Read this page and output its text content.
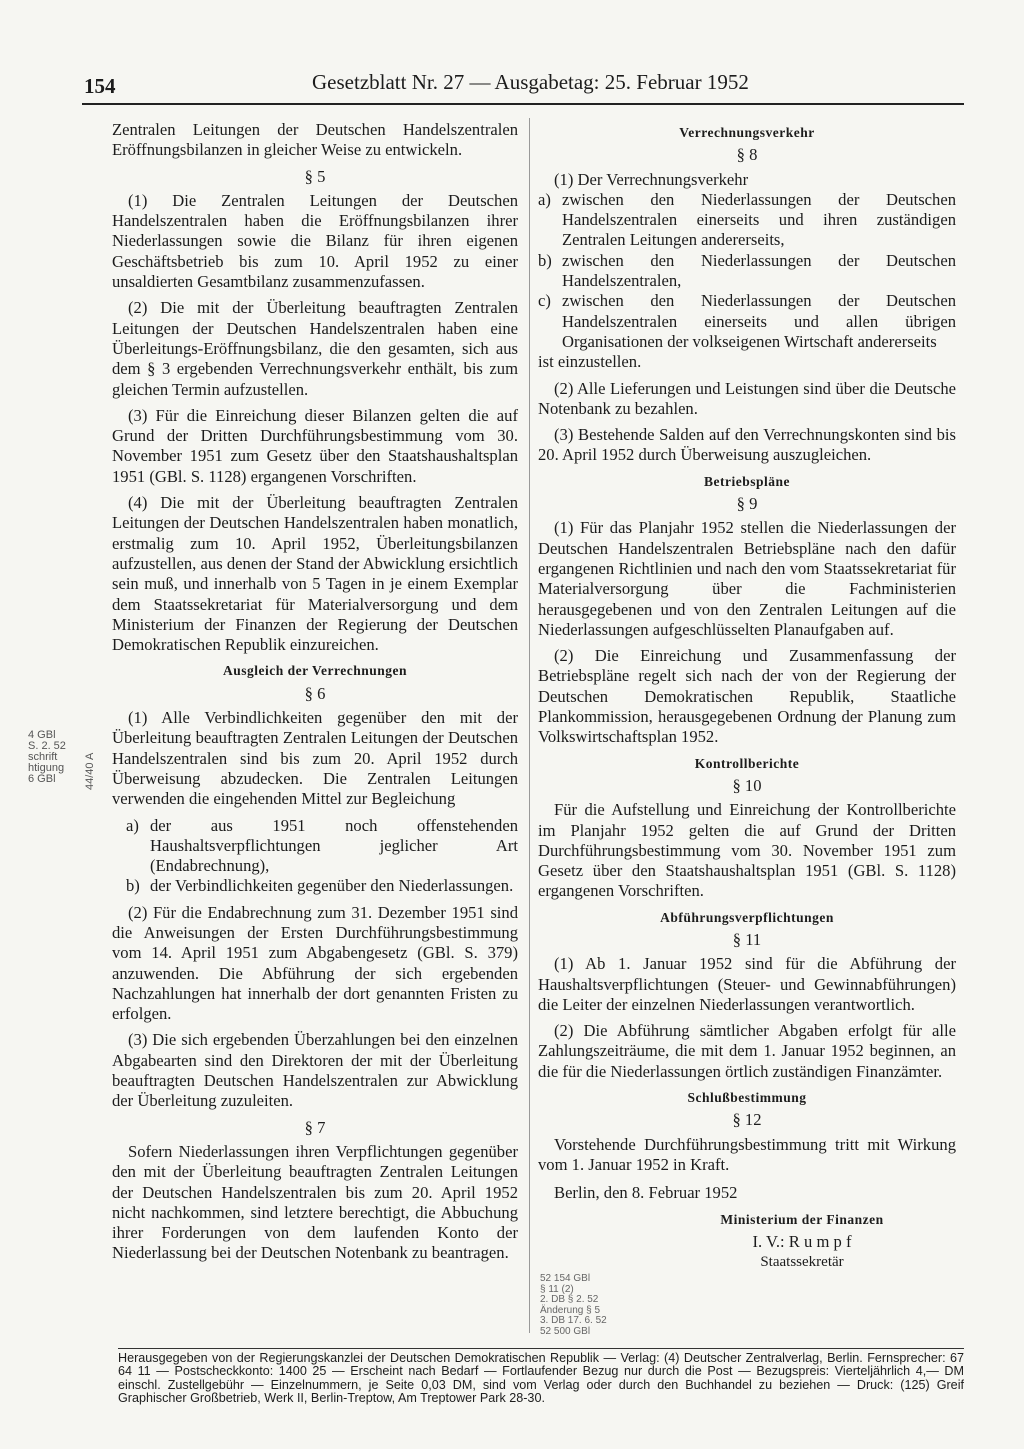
154	Gesetzblatt Nr. 27 — Ausgabetag: 25. Februar 1952

Zentralen Leitungen der Deutschen Handelszentralen Eröffnungsbilanzen in gleicher Weise zu entwickeln.

§ 5

(1) Die Zentralen Leitungen der Deutschen Handelszentralen haben die Eröffnungsbilanzen ihrer Niederlassungen sowie die Bilanz für ihren eigenen Geschäftsbetrieb bis zum 10. April 1952 zu einer unsaldierten Gesamtbilanz zusammenzufassen.

(2) Die mit der Überleitung beauftragten Zentralen Leitungen der Deutschen Handelszentralen haben eine Überleitungs-Eröffnungsbilanz, die den gesamten, sich aus dem § 3 ergebenden Verrechnungsverkehr enthält, bis zum gleichen Termin aufzustellen.

(3) Für die Einreichung dieser Bilanzen gelten die auf Grund der Dritten Durchführungsbestimmung vom 30. November 1951 zum Gesetz über den Staatshaushaltsplan 1951 (GBl. S. 1128) ergangenen Vorschriften.

(4) Die mit der Überleitung beauftragten Zentralen Leitungen der Deutschen Handelszentralen haben monatlich, erstmalig zum 10. April 1952, Überleitungsbilanzen aufzustellen, aus denen der Stand der Abwicklung ersichtlich sein muß, und innerhalb von 5 Tagen in je einem Exemplar dem Staatssekretariat für Materialversorgung und dem Ministerium der Finanzen der Regierung der Deutschen Demokratischen Republik einzureichen.

Ausgleich der Verrechnungen

§ 6

(1) Alle Verbindlichkeiten gegenüber den mit der Überleitung beauftragten Zentralen Leitungen der Deutschen Handelszentralen sind bis zum 20. April 1952 durch Überweisung abzudecken. Die Zentralen Leitungen verwenden die eingehenden Mittel zur Begleichung

a) der aus 1951 noch offenstehenden Haushaltsverpflichtungen jeglicher Art (Endabrechnung),
b) der Verbindlichkeiten gegenüber den Niederlassungen.

(2) Für die Endabrechnung zum 31. Dezember 1951 sind die Anweisungen der Ersten Durchführungsbestimmung vom 14. April 1951 zum Abgabengesetz (GBl. S. 379) anzuwenden. Die Abführung der sich ergebenden Nachzahlungen hat innerhalb der dort genannten Fristen zu erfolgen.

(3) Die sich ergebenden Überzahlungen bei den einzelnen Abgabearten sind den Direktoren der mit der Überleitung beauftragten Deutschen Handelszentralen zur Abwicklung der Überleitung zuzuleiten.

§ 7

Sofern Niederlassungen ihren Verpflichtungen gegenüber den mit der Überleitung beauftragten Zentralen Leitungen der Deutschen Handelszentralen bis zum 20. April 1952 nicht nachkommen, sind letztere berechtigt, die Abbuchung ihrer Forderungen von dem laufenden Konto der Niederlassung bei der Deutschen Notenbank zu beantragen.

Verrechnungsverkehr

§ 8

(1) Der Verrechnungsverkehr

a) zwischen den Niederlassungen der Deutschen Handelszentralen einerseits und ihren zuständigen Zentralen Leitungen andererseits,
b) zwischen den Niederlassungen der Deutschen Handelszentralen,
c) zwischen den Niederlassungen der Deutschen Handelszentralen einerseits und allen übrigen Organisationen der volkseigenen Wirtschaft andererseits

ist einzustellen.

(2) Alle Lieferungen und Leistungen sind über die Deutsche Notenbank zu bezahlen.

(3) Bestehende Salden auf den Verrechnungskonten sind bis 20. April 1952 durch Überweisung auszugleichen.

Betriebspläne

§ 9

(1) Für das Planjahr 1952 stellen die Niederlassungen der Deutschen Handelszentralen Betriebspläne nach den dafür ergangenen Richtlinien und nach den vom Staatssekretariat für Materialversorgung über die Fachministerien herausgegebenen und von den Zentralen Leitungen auf die Niederlassungen aufgeschlüsselten Planaufgaben auf.

(2) Die Einreichung und Zusammenfassung der Betriebspläne regelt sich nach der von der Regierung der Deutschen Demokratischen Republik, Staatliche Plankommission, herausgegebenen Ordnung der Planung zum Volkswirtschaftsplan 1952.

Kontrollberichte

§ 10

Für die Aufstellung und Einreichung der Kontrollberichte im Planjahr 1952 gelten die auf Grund der Dritten Durchführungsbestimmung vom 30. November 1951 zum Gesetz über den Staatshaushaltsplan 1951 (GBl. S. 1128) ergangenen Vorschriften.

Abführungsverpflichtungen

§ 11

(1) Ab 1. Januar 1952 sind für die Abführung der Haushaltsverpflichtungen (Steuer- und Gewinnabführungen) die Leiter der einzelnen Niederlassungen verantwortlich.

(2) Die Abführung sämtlicher Abgaben erfolgt für alle Zahlungszeiträume, die mit dem 1. Januar 1952 beginnen, an die für die Niederlassungen örtlich zuständigen Finanzämter.

Schlußbestimmung

§ 12

Vorstehende Durchführungsbestimmung tritt mit Wirkung vom 1. Januar 1952 in Kraft.

Berlin, den 8. Februar 1952

Ministerium der Finanzen
I. V.: R u m p f
Staatssekretär
4 GBl
S. 2. 52
schrift
htigung
6 GBl	44/40 A
52 154 GBl
§ 11 (2)
2. DB § 2. 52
Änderung § 5
3. DB 17. 6. 52
52 500 GBl
Herausgegeben von der Regierungskanzlei der Deutschen Demokratischen Republik — Verlag: (4) Deutscher Zentralverlag, Berlin. Fernsprecher: 67 64 11 — Postscheckkonto: 1400 25 — Erscheint nach Bedarf — Fortlaufender Bezug nur durch die Post — Bezugspreis: Vierteljährlich 4,— DM einschl. Zustellgebühr — Einzelnummern, je Seite 0,03 DM, sind vom Verlag oder durch den Buchhandel zu beziehen — Druck: (125) Greif Graphischer Großbetrieb, Werk II, Berlin-Treptow, Am Treptower Park 28-30.
